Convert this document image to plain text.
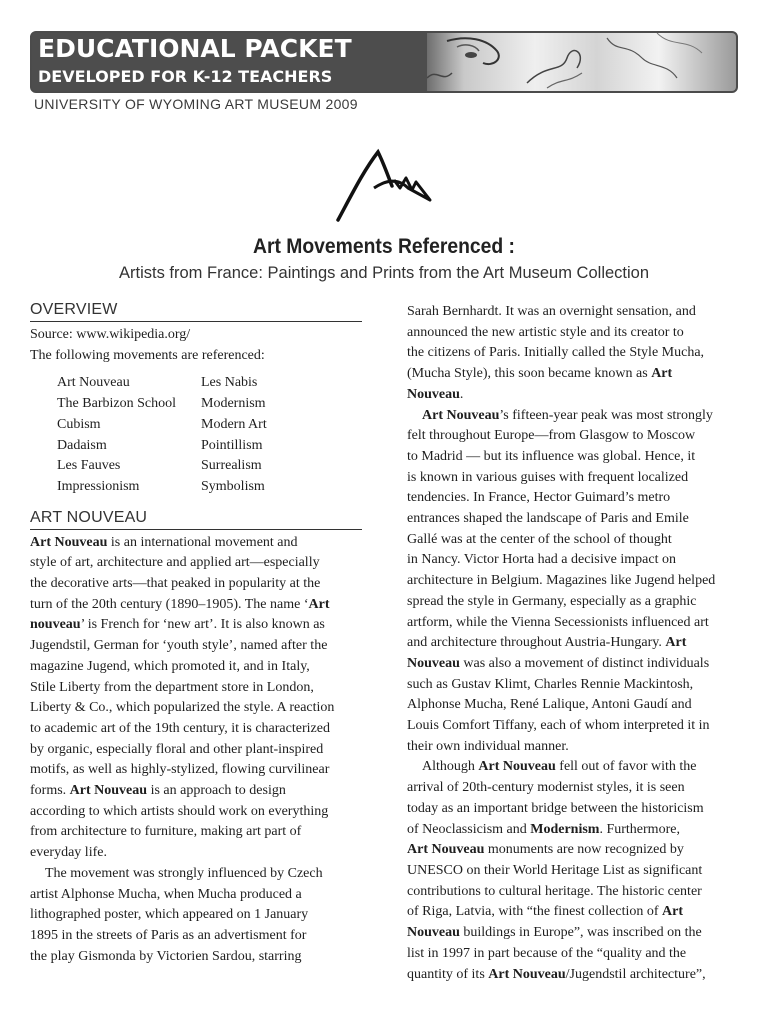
EDUCATIONAL PACKET
DEVELOPED FOR K-12 TEACHERS
UNIVERSITY OF WYOMING ART MUSEUM 2009
Art Movements Referenced :
Artists from France: Paintings and Prints from the Art Museum Collection
OVERVIEW
Source: www.wikipedia.org/
The following movements are referenced:
Art Nouveau	Les Nabis
The Barbizon School	Modernism
Cubism	Modern Art
Dadaism	Pointillism
Les Fauves	Surrealism
Impressionism	Symbolism
ART NOUVEAU
Art Nouveau is an international movement and
style of art, architecture and applied art—especially
the decorative arts—that peaked in popularity at the
turn of the 20th century (1890–1905). The name ‘Art
nouveau’ is French for ‘new art’. It is also known as
Jugendstil, German for ‘youth style’, named after the
magazine Jugend, which promoted it, and in Italy,
Stile Liberty from the department store in London,
Liberty & Co., which popularized the style. A reaction
to academic art of the 19th century, it is characterized
by organic, especially floral and other plant-inspired
motifs, as well as highly-stylized, flowing curvilinear
forms. Art Nouveau is an approach to design
according to which artists should work on everything
from architecture to furniture, making art part of
everyday life.
The movement was strongly influenced by Czech
artist Alphonse Mucha, when Mucha produced a
lithographed poster, which appeared on 1 January
1895 in the streets of Paris as an advertisment for
the play Gismonda by Victorien Sardou, starring
Sarah Bernhardt. It was an overnight sensation, and
announced the new artistic style and its creator to
the citizens of Paris. Initially called the Style Mucha,
(Mucha Style), this soon became known as Art
Nouveau.
Art Nouveau’s fifteen-year peak was most strongly
felt throughout Europe—from Glasgow to Moscow
to Madrid — but its influence was global. Hence, it
is known in various guises with frequent localized
tendencies. In France, Hector Guimard’s metro
entrances shaped the landscape of Paris and Emile
Gallé was at the center of the school of thought
in Nancy. Victor Horta had a decisive impact on
architecture in Belgium. Magazines like Jugend helped
spread the style in Germany, especially as a graphic
artform, while the Vienna Secessionists influenced art
and architecture throughout Austria-Hungary. Art
Nouveau was also a movement of distinct individuals
such as Gustav Klimt, Charles Rennie Mackintosh,
Alphonse Mucha, René Lalique, Antoni Gaudí and
Louis Comfort Tiffany, each of whom interpreted it in
their own individual manner.
Although Art Nouveau fell out of favor with the
arrival of 20th-century modernist styles, it is seen
today as an important bridge between the historicism
of Neoclassicism and Modernism. Furthermore,
Art Nouveau monuments are now recognized by
UNESCO on their World Heritage List as significant
contributions to cultural heritage. The historic center
of Riga, Latvia, with “the finest collection of Art
Nouveau buildings in Europe”, was inscribed on the
list in 1997 in part because of the “quality and the
quantity of its Art Nouveau/Jugendstil architecture”,
